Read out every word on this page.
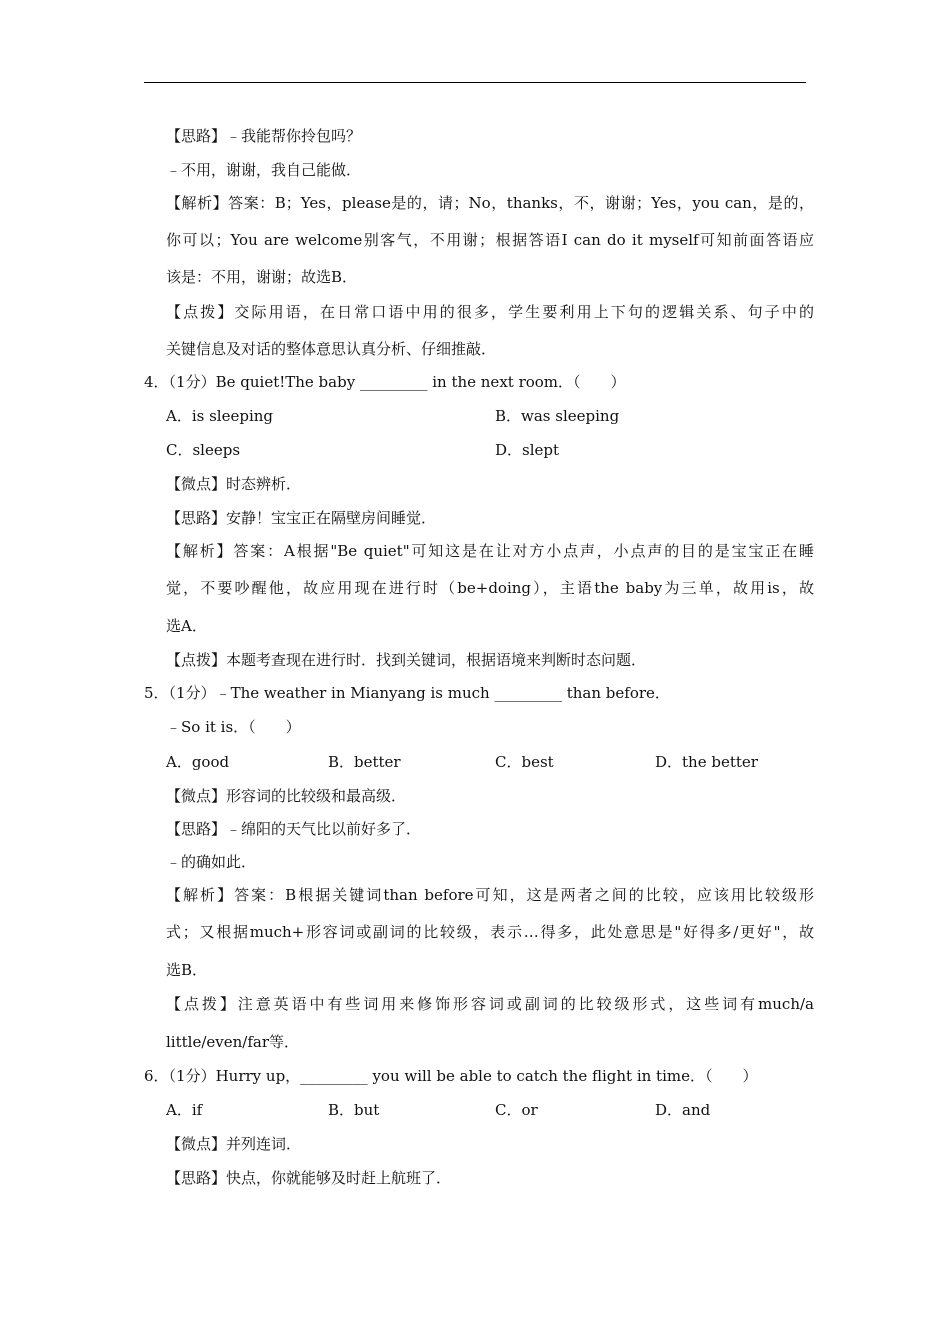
【思路】﹣我能帮你拎包吗？
﹣不用，谢谢，我自己能做．
【解析】答案：B；Yes，please是的，请；No，thanks，不，谢谢；Yes，you can，是的，
你可以；You are welcome别客气，不用谢；根据答语I can do it myself可知前面答语应
该是：不用，谢谢；故选B．
【点拨】交际用语，在日常口语中用的很多，学生要利用上下句的逻辑关系、句子中的
关键信息及对话的整体意思认真分析、仔细推敲．
4．（1分）Be quiet!The baby _________ in the next room．（　　）
A．is sleeping	B．was sleeping
C．sleeps	D．slept
【微点】时态辨析．
【思路】安静！宝宝正在隔壁房间睡觉．
【解析】答案：A根据"Be quiet"可知这是在让对方小点声，小点声的目的是宝宝正在睡
觉，不要吵醒他，故应用现在进行时（be+doing），主语the baby为三单，故用is，故
选A．
【点拨】本题考查现在进行时．找到关键词，根据语境来判断时态问题．
5．（1分）﹣The weather in Mianyang is much _________ than before．
﹣So it is．（　　）
A．good	B．better	C．best	D．the better
【微点】形容词的比较级和最高级．
【思路】﹣绵阳的天气比以前好多了．
﹣的确如此．
【解析】答案：B根据关键词than before可知，这是两者之间的比较，应该用比较级形
式；又根据much+形容词或副词的比较级，表示…得多，此处意思是"好得多/更好"，故
选B．
【点拨】注意英语中有些词用来修饰形容词或副词的比较级形式，这些词有much/a
little/even/far等．
6．（1分）Hurry up，_________ you will be able to catch the flight in time．（　　）
A．if	B．but	C．or	D．and
【微点】并列连词．
【思路】快点，你就能够及时赶上航班了．
